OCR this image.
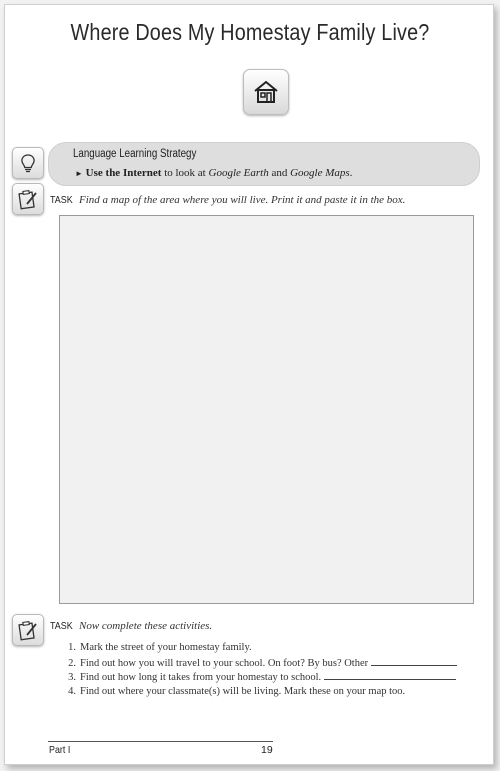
Where Does My Homestay Family Live?
Language Learning Strategy
► Use the Internet to look at Google Earth and Google Maps.
TASK Find a map of the area where you will live. Print it and paste it in the box.
TASK Now complete these activities.
1. Mark the street of your homestay family.
2. Find out how you will travel to your school. On foot? By bus? Other
3. Find out how long it takes from your homestay to school.
4. Find out where your classmate(s) will be living. Mark these on your map too.
Part I	19
